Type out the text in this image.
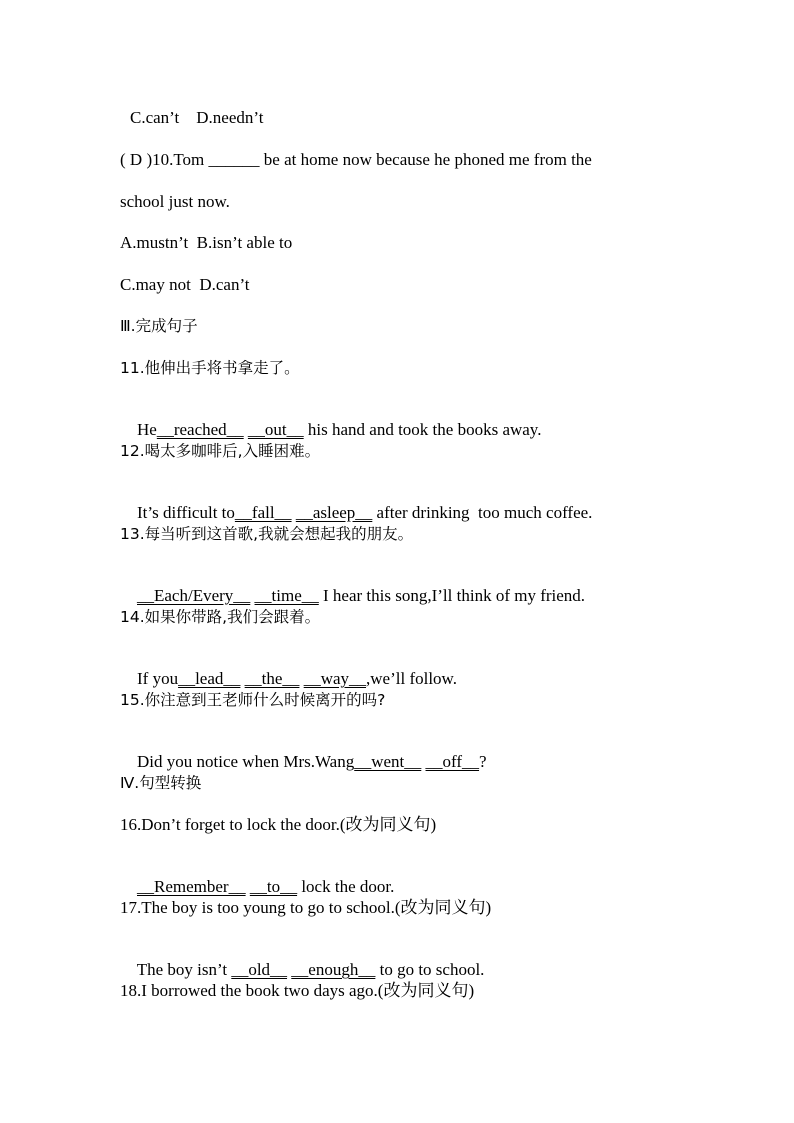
C.can’t    D.needn’t
( D )10.Tom ______ be at home now because he phoned me from the
school just now.
A.mustn’t  B.isn’t able to
C.may not  D.can’t
Ⅲ.完成句子
11.他伸出手将书拿走了。

He__reached__ __out__ his hand and took the books away.

12.喝太多咖啡后,入睡困难。

It’s difficult to__fall__ __asleep__ after drinking  too much coffee.

13.每当听到这首歌,我就会想起我的朋友。

__Each/Every__ __time__ I hear this song,I’ll think of my friend.

14.如果你带路,我们会跟着。

If you__lead__ __the__ __way__,we’ll follow.

15.你注意到王老师什么时候离开的吗?

Did you notice when Mrs.Wang__went__ __off__?

Ⅳ.句型转换
16.Don’t forget to lock the door.(改为同义句)

__Remember__ __to__ lock the door.

17.The boy is too young to go to school.(改为同义句)

The boy isn’t __old__ __enough__ to go to school.

18.I borrowed the book two days ago.(改为同义句)
